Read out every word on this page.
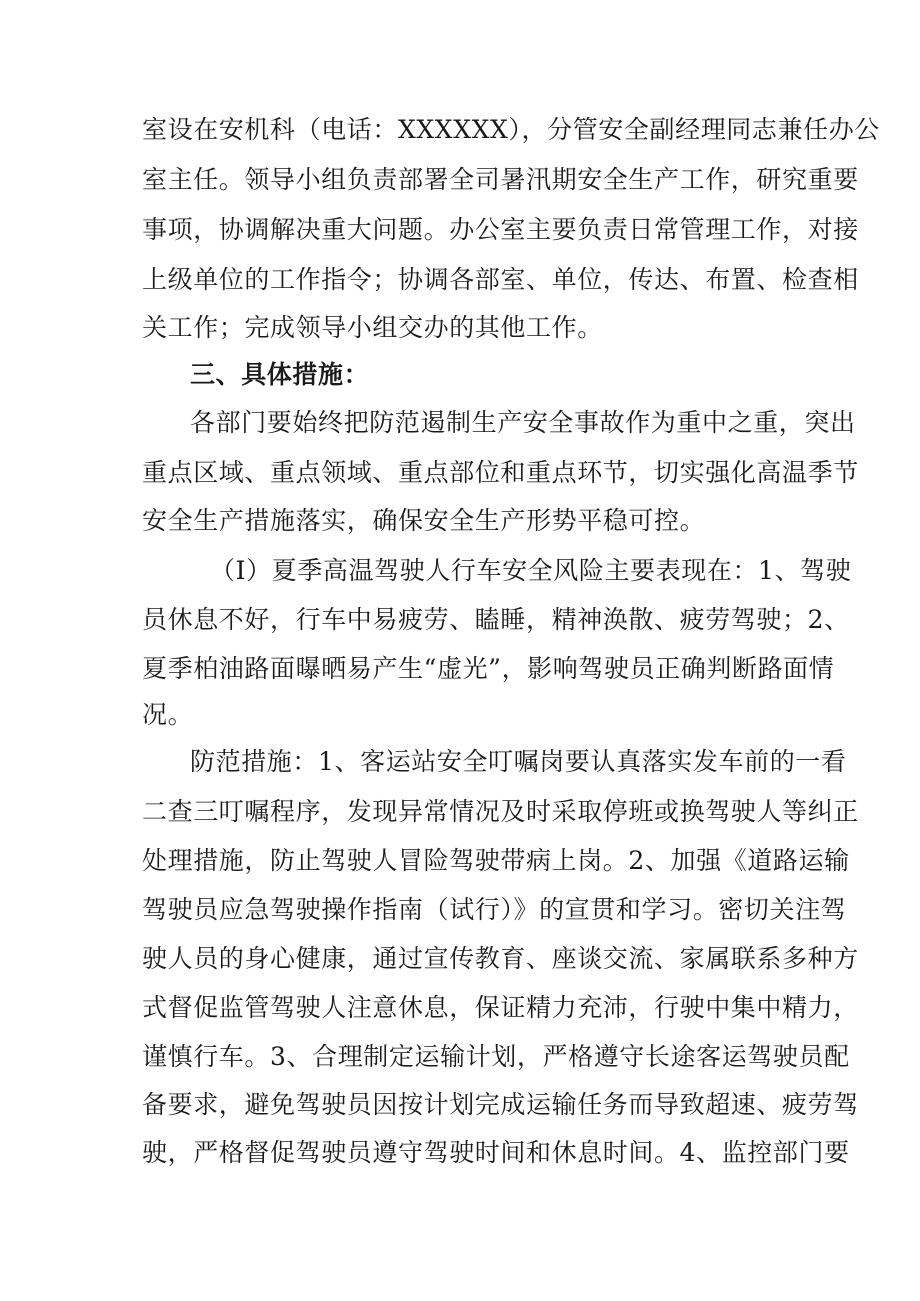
室设在安机科（电话：XXXXXX），分管安全副经理同志兼任办公
室主任。领导小组负责部署全司暑汛期安全生产工作，研究重要
事项，协调解决重大问题。办公室主要负责日常管理工作，对接
上级单位的工作指令；协调各部室、单位，传达、布置、检查相
关工作；完成领导小组交办的其他工作。
三、具体措施：
各部门要始终把防范遏制生产安全事故作为重中之重，突出
重点区域、重点领域、重点部位和重点环节，切实强化高温季节
安全生产措施落实，确保安全生产形势平稳可控。
（I）夏季高温驾驶人行车安全风险主要表现在：1、驾驶
员休息不好，行车中易疲劳、瞌睡，精神涣散、疲劳驾驶；2、
夏季柏油路面曝晒易产生“虚光”，影响驾驶员正确判断路面情
况。
防范措施：1、客运站安全叮嘱岗要认真落实发车前的一看
二查三叮嘱程序，发现异常情况及时采取停班或换驾驶人等纠正
处理措施，防止驾驶人冒险驾驶带病上岗。2、加强《道路运输
驾驶员应急驾驶操作指南（试行）》的宣贯和学习。密切关注驾
驶人员的身心健康，通过宣传教育、座谈交流、家属联系多种方
式督促监管驾驶人注意休息，保证精力充沛，行驶中集中精力，
谨慎行车。3、合理制定运输计划，严格遵守长途客运驾驶员配
备要求，避免驾驶员因按计划完成运输任务而导致超速、疲劳驾
驶，严格督促驾驶员遵守驾驶时间和休息时间。4、监控部门要
